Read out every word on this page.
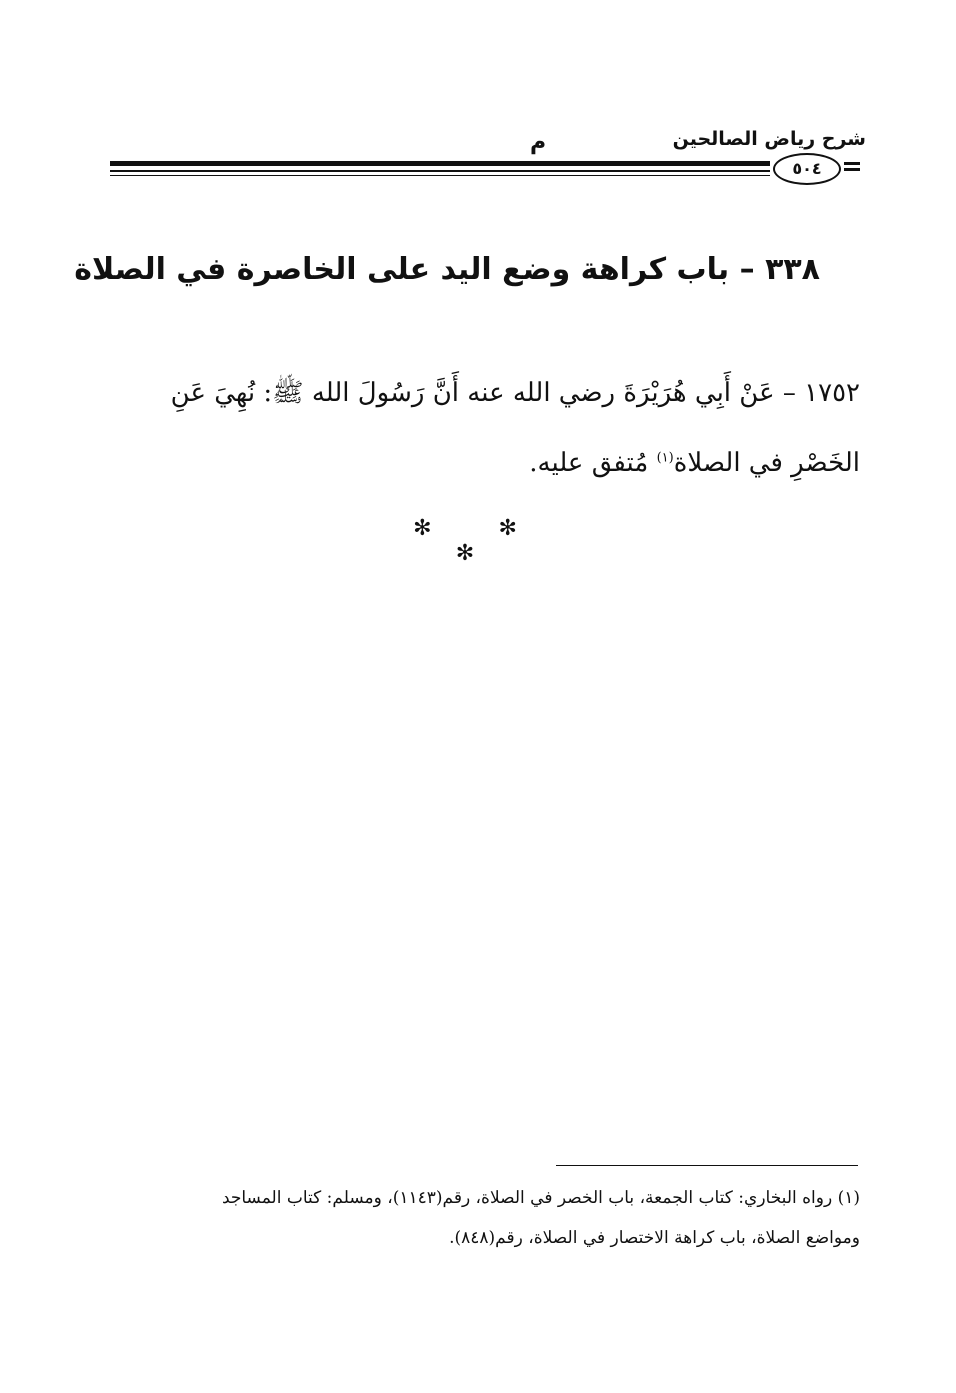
شرح رياض الصالحين
م
٥٠٤
٣٣٨ – باب كراهة وضع اليد على الخاصرة في الصلاة
١٧٥٢ – عَنْ أَبِي هُرَيْرَةَ رضي الله عنه أَنَّ رَسُولَ الله ﷺ: نُهِيَ عَنِ
الخَصْرِ في الصلاة$^{(١)}$ مُتفق عليه.
✻ ✻ ✻
(١) رواه البخاري: كتاب الجمعة، باب الخصر في الصلاة، رقم(١١٤٣)، ومسلم: كتاب المساجد
ومواضع الصلاة، باب كراهة الاختصار في الصلاة، رقم(٨٤٨).
